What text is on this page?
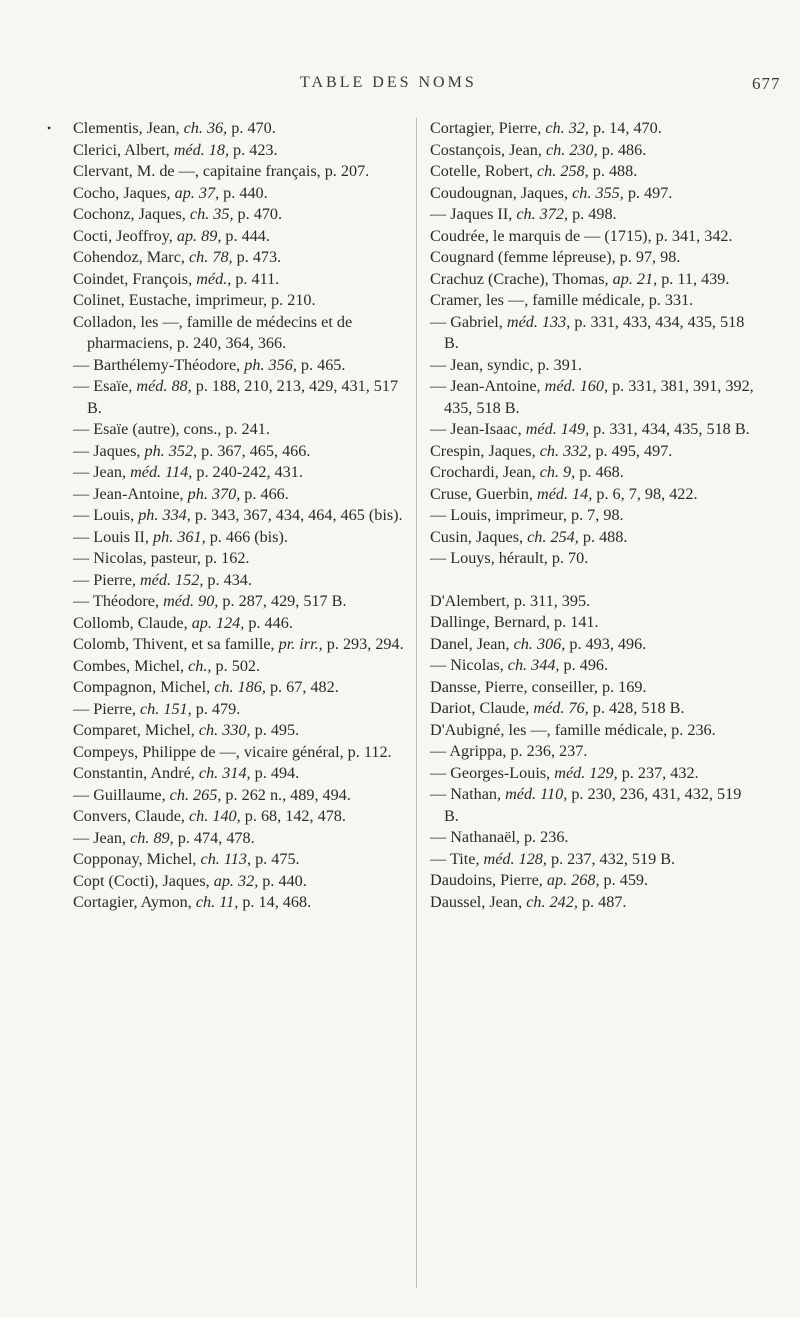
TABLE DES NOMS	677
•	Clementis, Jean, ch. 36, p. 470.
Clerici, Albert, méd. 18, p. 423.
Clervant, M. de —, capitaine français, p. 207.
Cocho, Jaques, ap. 37, p. 440.
Cochonz, Jaques, ch. 35, p. 470.
Cocti, Jeoffroy, ap. 89, p. 444.
Cohendoz, Marc, ch. 78, p. 473.
Coindet, François, méd., p. 411.
Colinet, Eustache, imprimeur, p. 210.
Colladon, les —, famille de médecins et de pharmaciens, p. 240, 364, 366.
— Barthélemy-Théodore, ph. 356, p. 465.
— Esaïe, méd. 88, p. 188, 210, 213, 429, 431, 517 B.
— Esaïe (autre), cons., p. 241.
— Jaques, ph. 352, p. 367, 465, 466.
— Jean, méd. 114, p. 240-242, 431.
— Jean-Antoine, ph. 370, p. 466.
— Louis, ph. 334, p. 343, 367, 434, 464, 465 (bis).
— Louis II, ph. 361, p. 466 (bis).
— Nicolas, pasteur, p. 162.
— Pierre, méd. 152, p. 434.
— Théodore, méd. 90, p. 287, 429, 517 B.
Collomb, Claude, ap. 124, p. 446.
Colomb, Thivent, et sa famille, pr. irr., p. 293, 294.
Combes, Michel, ch., p. 502.
Compagnon, Michel, ch. 186, p. 67, 482.
— Pierre, ch. 151, p. 479.
Comparet, Michel, ch. 330, p. 495.
Compeys, Philippe de —, vicaire général, p. 112.
Constantin, André, ch. 314, p. 494.
— Guillaume, ch. 265, p. 262 n., 489, 494.
Convers, Claude, ch. 140, p. 68, 142, 478.
— Jean, ch. 89, p. 474, 478.
Copponay, Michel, ch. 113, p. 475.
Copt (Cocti), Jaques, ap. 32, p. 440.
Cortagier, Aymon, ch. 11, p. 14, 468.
Cortagier, Pierre, ch. 32, p. 14, 470.
Costançois, Jean, ch. 230, p. 486.
Cotelle, Robert, ch. 258, p. 488.
Coudougnan, Jaques, ch. 355, p. 497.
— Jaques II, ch. 372, p. 498.
Coudrée, le marquis de — (1715), p. 341, 342.
Cougnard (femme lépreuse), p. 97, 98.
Crachuz (Crache), Thomas, ap. 21, p. 11, 439.
Cramer, les —, famille médicale, p. 331.
— Gabriel, méd. 133, p. 331, 433, 434, 435, 518 B.
— Jean, syndic, p. 391.
— Jean-Antoine, méd. 160, p. 331, 381, 391, 392, 435, 518 B.
— Jean-Isaac, méd. 149, p. 331, 434, 435, 518 B.
Crespin, Jaques, ch. 332, p. 495, 497.
Crochardi, Jean, ch. 9, p. 468.
Cruse, Guerbin, méd. 14, p. 6, 7, 98, 422.
— Louis, imprimeur, p. 7, 98.
Cusin, Jaques, ch. 254, p. 488.
— Louys, hérault, p. 70.
D'Alembert, p. 311, 395.
Dallinge, Bernard, p. 141.
Danel, Jean, ch. 306, p. 493, 496.
— Nicolas, ch. 344, p. 496.
Dansse, Pierre, conseiller, p. 169.
Dariot, Claude, méd. 76, p. 428, 518 B.
D'Aubigné, les —, famille médicale, p. 236.
— Agrippa, p. 236, 237.
— Georges-Louis, méd. 129, p. 237, 432.
— Nathan, méd. 110, p. 230, 236, 431, 432, 519 B.
— Nathanaël, p. 236.
— Tite, méd. 128, p. 237, 432, 519 B.
Daudoins, Pierre, ap. 268, p. 459.
Daussel, Jean, ch. 242, p. 487.
